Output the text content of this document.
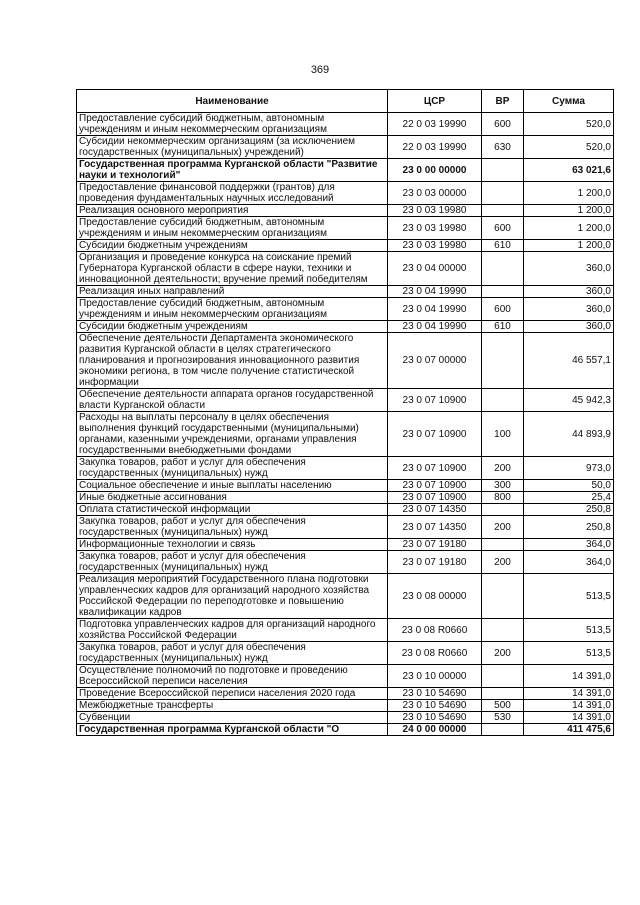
369
Наименование	ЦСР	ВР	Сумма
Предоставление субсидий бюджетным, автономным учреждениям и иным некоммерческим организациям	22 0 03 19990	600	520,0
Субсидии некоммерческим организациям (за исключением государственных (муниципальных) учреждений)	22 0 03 19990	630	520,0
Государственная программа Курганской области "Развитие науки и технологий"	23 0 00 00000		63 021,6
Предоставление финансовой поддержки (грантов) для проведения фундаментальных научных исследований	23 0 03 00000		1 200,0
Реализация основного мероприятия	23 0 03 19980		1 200,0
Предоставление субсидий бюджетным, автономным учреждениям и иным некоммерческим организациям	23 0 03 19980	600	1 200,0
Субсидии бюджетным учреждениям	23 0 03 19980	610	1 200,0
Организация и проведение конкурса на соискание премий Губернатора Курганской области в сфере науки, техники и инновационной деятельности; вручение премий победителям	23 0 04 00000		360,0
Реализация иных направлений	23 0 04 19990		360,0
Предоставление субсидий бюджетным, автономным учреждениям и иным некоммерческим организациям	23 0 04 19990	600	360,0
Субсидии бюджетным учреждениям	23 0 04 19990	610	360,0
Обеспечение деятельности Департамента экономического развития Курганской области в целях стратегического планирования и прогнозирования инновационного развития экономики региона, в том числе получение статистической информации	23 0 07 00000		46 557,1
Обеспечение деятельности аппарата органов государственной власти Курганской области	23 0 07 10900		45 942,3
Расходы на выплаты персоналу в целях обеспечения выполнения функций государственными (муниципальными) органами, казенными учреждениями, органами управления государственными внебюджетными фондами	23 0 07 10900	100	44 893,9
Закупка товаров, работ и услуг для обеспечения государственных (муниципальных) нужд	23 0 07 10900	200	973,0
Социальное обеспечение и иные выплаты населению	23 0 07 10900	300	50,0
Иные бюджетные ассигнования	23 0 07 10900	800	25,4
Оплата статистической информации	23 0 07 14350		250,8
Закупка товаров, работ и услуг для обеспечения государственных (муниципальных) нужд	23 0 07 14350	200	250,8
Информационные технологии и связь	23 0 07 19180		364,0
Закупка товаров, работ и услуг для обеспечения государственных (муниципальных) нужд	23 0 07 19180	200	364,0
Реализация мероприятий Государственного плана подготовки управленческих кадров для организаций народного хозяйства Российской Федерации по переподготовке и повышению квалификации кадров	23 0 08 00000		513,5
Подготовка управленческих кадров для организаций народного хозяйства Российской Федерации	23 0 08 R0660		513,5
Закупка товаров, работ и услуг для обеспечения государственных (муниципальных) нужд	23 0 08 R0660	200	513,5
Осуществление полномочий по подготовке и проведению Всероссийской переписи населения	23 0 10 00000		14 391,0
Проведение Всероссийской переписи населения 2020 года	23 0 10 54690		14 391,0
Межбюджетные трансферты	23 0 10 54690	500	14 391,0
Субвенции	23 0 10 54690	530	14 391,0
Государственная программа Курганской области "О	24 0 00 00000		411 475,6
